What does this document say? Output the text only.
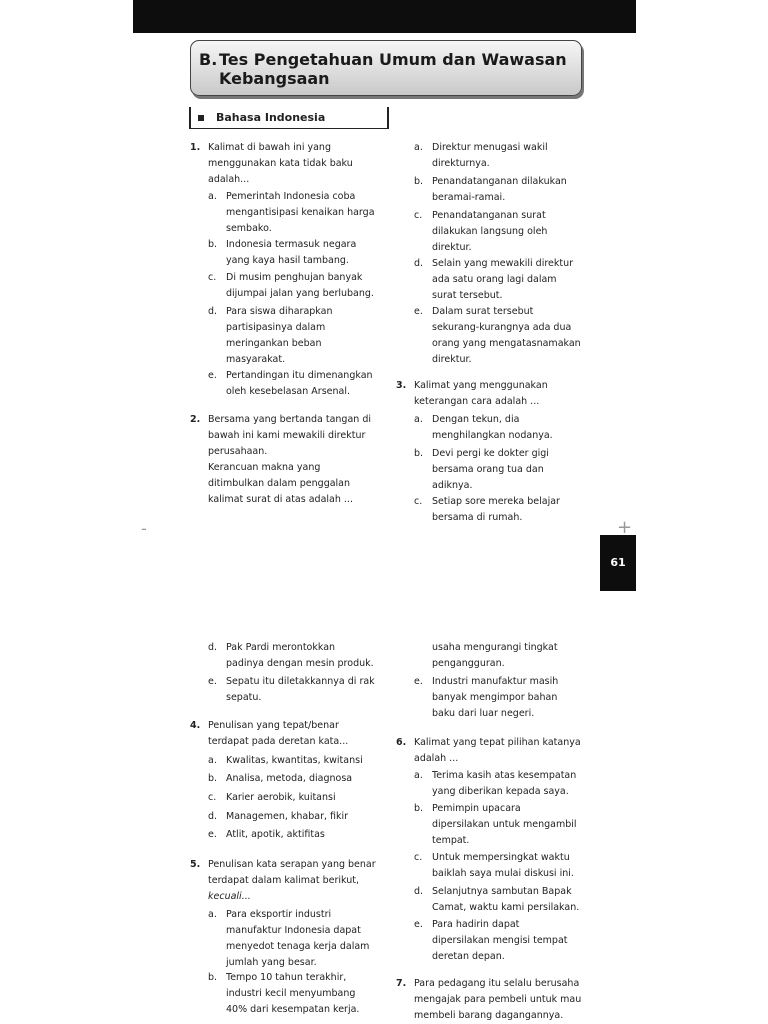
B. Tes Pengetahuan Umum dan Wawasan
Kebangsaan
Bahasa Indonesia
1. Kalimat di bawah ini yang
menggunakan kata tidak baku
adalah...
a. Pemerintah Indonesia coba
mengantisipasi kenaikan harga
sembako.
b. Indonesia termasuk negara
yang kaya hasil tambang.
c. Di musim penghujan banyak
dijumpai jalan yang berlubang.
d. Para siswa diharapkan
partisipasinya dalam
meringankan beban
masyarakat.
e. Pertandingan itu dimenangkan
oleh kesebelasan Arsenal.
2. Bersama yang bertanda tangan di
bawah ini kami mewakili direktur
perusahaan.
Kerancuan makna yang
ditimbulkan dalam penggalan
kalimat surat di atas adalah ...
a. Direktur menugasi wakil
direkturnya.
b. Penandatanganan dilakukan
beramai-ramai.
c. Penandatanganan surat
dilakukan langsung oleh
direktur.
d. Selain yang mewakili direktur
ada satu orang lagi dalam
surat tersebut.
e. Dalam surat tersebut
sekurang-kurangnya ada dua
orang yang mengatasnamakan
direktur.
3. Kalimat yang menggunakan
keterangan cara adalah ...
a. Dengan tekun, dia
menghilangkan nodanya.
b. Devi pergi ke dokter gigi
bersama orang tua dan
adiknya.
c. Setiap sore mereka belajar
bersama di rumah.
d. Pak Pardi merontokkan
padinya dengan mesin produk.
e. Sepatu itu diletakkannya di rak
sepatu.
4. Penulisan yang tepat/benar
terdapat pada deretan kata...
a. Kwalitas, kwantitas, kwitansi
b. Analisa, metoda, diagnosa
c. Karier aerobik, kuitansi
d. Managemen, khabar, fikir
e. Atlit, apotik, aktifitas
5. Penulisan kata serapan yang benar
terdapat dalam kalimat berikut,
kecuali...
a. Para eksportir industri
manufaktur Indonesia dapat
menyedot tenaga kerja dalam
jumlah yang besar.
b. Tempo 10 tahun terakhir,
industri kecil menyumbang
40% dari kesempatan kerja.
usaha mengurangi tingkat
pengangguran.
e. Industri manufaktur masih
banyak mengimpor bahan
baku dari luar negeri.
6. Kalimat yang tepat pilihan katanya
adalah ...
a. Terima kasih atas kesempatan
yang diberikan kepada saya.
b. Pemimpin upacara
dipersilakan untuk mengambil
tempat.
c. Untuk mempersingkat waktu
baiklah saya mulai diskusi ini.
d. Selanjutnya sambutan Bapak
Camat, waktu kami persilakan.
e. Para hadirin dapat
dipersilakan mengisi tempat
deretan depan.
7. Para pedagang itu selalu berusaha
mengajak para pembeli untuk mau
membeli barang dagangannya.
61
-	+
